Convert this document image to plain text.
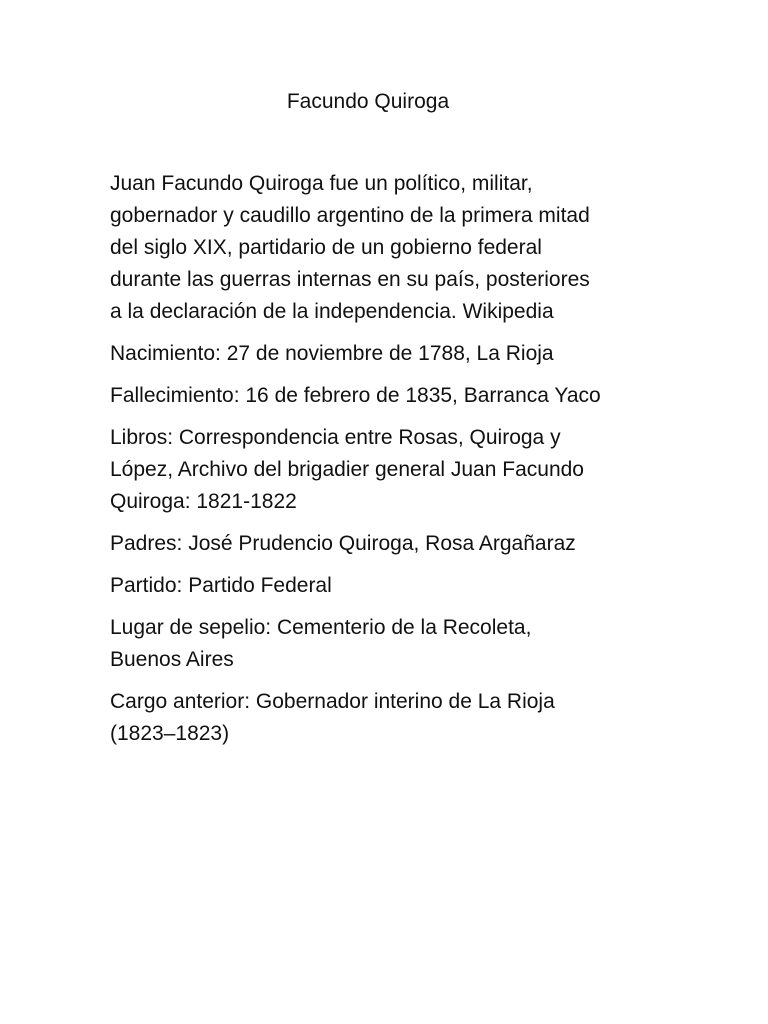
Facundo Quiroga

Juan Facundo Quiroga fue un político, militar,
gobernador y caudillo argentino de la primera mitad
del siglo XIX, partidario de un gobierno federal
durante las guerras internas en su país, posteriores
a la declaración de la independencia. Wikipedia

Nacimiento: 27 de noviembre de 1788, La Rioja

Fallecimiento: 16 de febrero de 1835, Barranca Yaco

Libros: Correspondencia entre Rosas, Quiroga y
López, Archivo del brigadier general Juan Facundo
Quiroga: 1821-1822

Padres: José Prudencio Quiroga, Rosa Argañaraz

Partido: Partido Federal

Lugar de sepelio: Cementerio de la Recoleta,
Buenos Aires

Cargo anterior: Gobernador interino de La Rioja
(1823–1823)
